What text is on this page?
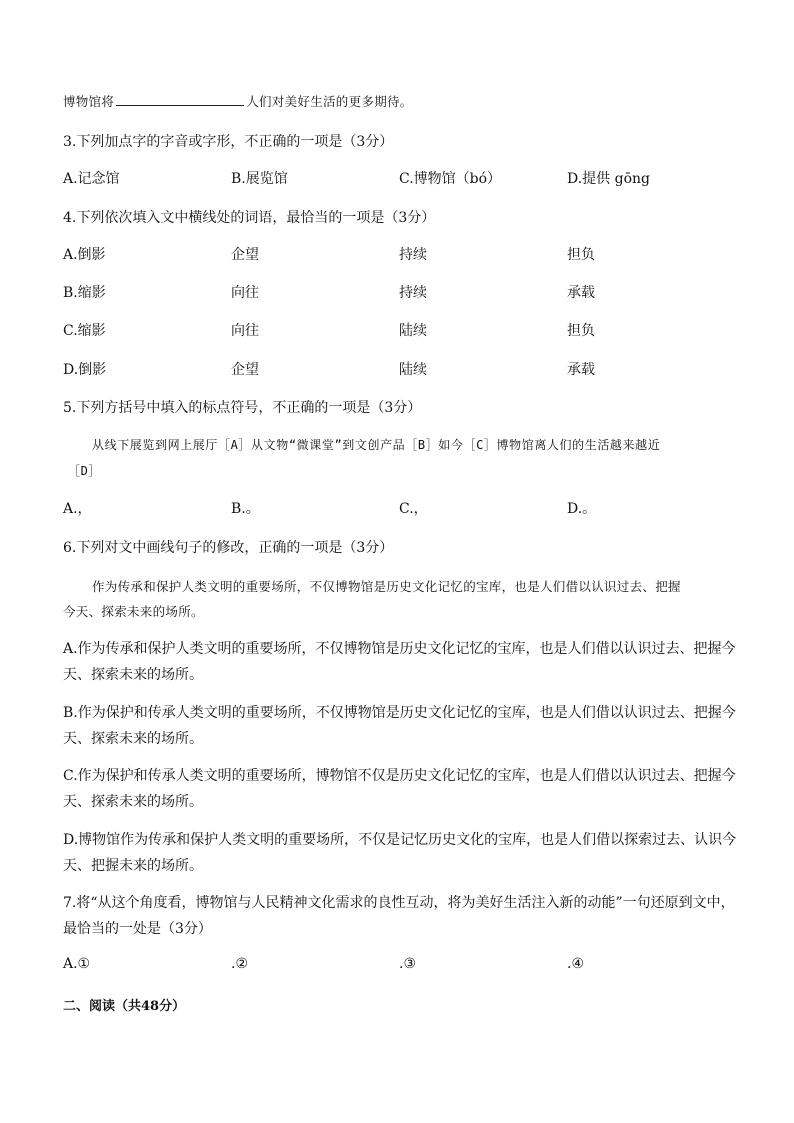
博物馆将	人们对美好生活的更多期待。
3.下列加点字的字音或字形，不正确的一项是（3分）
A.记念馆	B.展览馆	C.博物馆（bó）	D.提供 gōng
4.下列依次填入文中横线处的词语，最恰当的一项是（3分）
A.倒影	企望	持续	担负
B.缩影	向往	持续	承载
C.缩影	向往	陆续	担负
D.倒影	企望	陆续	承载
5.下列方括号中填入的标点符号，不正确的一项是（3分）
从线下展览到网上展厅［A］从文物“微课堂”到文创产品［B］如今［C］博物馆离人们的生活越来越近
［D］
A.，	B.。	C.，	D.。
6.下列对文中画线句子的修改，正确的一项是（3分）
作为传承和保护人类文明的重要场所，不仅博物馆是历史文化记忆的宝库，也是人们借以认识过去、把握
今天、探索未来的场所。
A.作为传承和保护人类文明的重要场所，不仅博物馆是历史文化记忆的宝库，也是人们借以认识过去、把握今
天、探索未来的场所。
B.作为保护和传承人类文明的重要场所，不仅博物馆是历史文化记忆的宝库，也是人们借以认识过去、把握今
天、探索未来的场所。
C.作为保护和传承人类文明的重要场所，博物馆不仅是历史文化记忆的宝库，也是人们借以认识过去、把握今
天、探索未来的场所。
D.博物馆作为传承和保护人类文明的重要场所，不仅是记忆历史文化的宝库，也是人们借以探索过去、认识今
天、把握未来的场所。
7.将“从这个角度看，博物馆与人民精神文化需求的良性互动，将为美好生活注入新的动能”一句还原到文中，
最恰当的一处是（3分）
A.①	.②	.③	.④
二、阅读（共48分）
